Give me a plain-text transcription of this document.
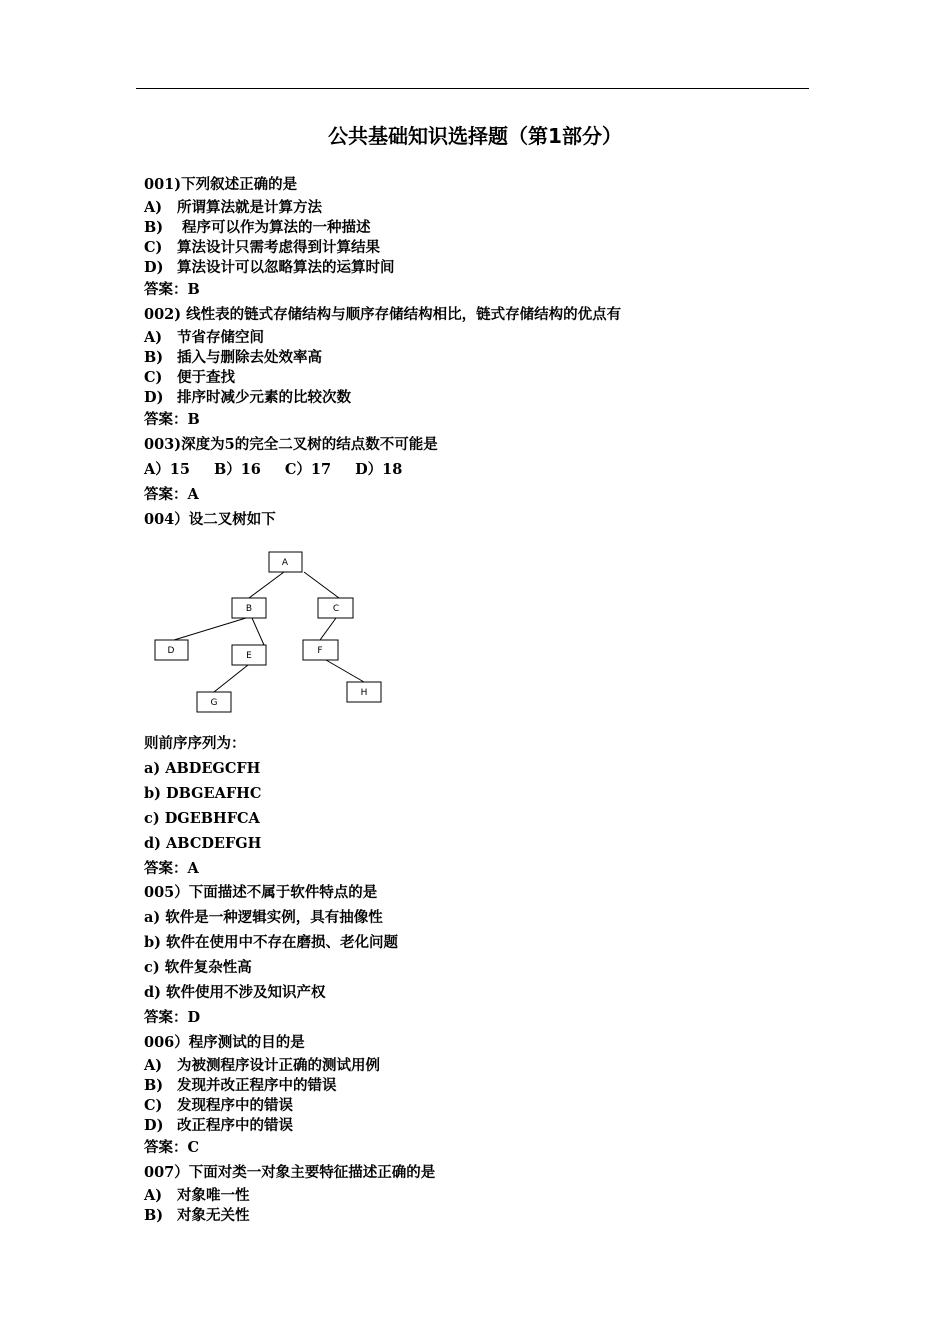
公共基础知识选择题（第1部分）
001)下列叙述正确的是
A) 所谓算法就是计算方法
B) 程序可以作为算法的一种描述
C) 算法设计只需考虑得到计算结果
D) 算法设计可以忽略算法的运算时间
答案：B
002) 线性表的链式存储结构与顺序存储结构相比，链式存储结构的优点有
A) 节省存储空间
B) 插入与删除去处效率高
C) 便于查找
D) 排序时减少元素的比较次数
答案：B
003)深度为5的完全二叉树的结点数不可能是
A）15 B）16 C）17 D）18
答案：A
004）设二叉树如下
A
B	C
D	E	F
G
H
则前序序列为：
a) ABDEGCFH
b) DBGEAFHC
c) DGEBHFCA
d) ABCDEFGH
答案：A
005）下面描述不属于软件特点的是
a) 软件是一种逻辑实例，具有抽像性
b) 软件在使用中不存在磨损、老化问题
c) 软件复杂性高
d) 软件使用不涉及知识产权
答案：D
006）程序测试的目的是
A) 为被测程序设计正确的测试用例
B) 发现并改正程序中的错误
C) 发现程序中的错误
D) 改正程序中的错误
答案：C
007）下面对类一对象主要特征描述正确的是
A) 对象唯一性
B) 对象无关性
